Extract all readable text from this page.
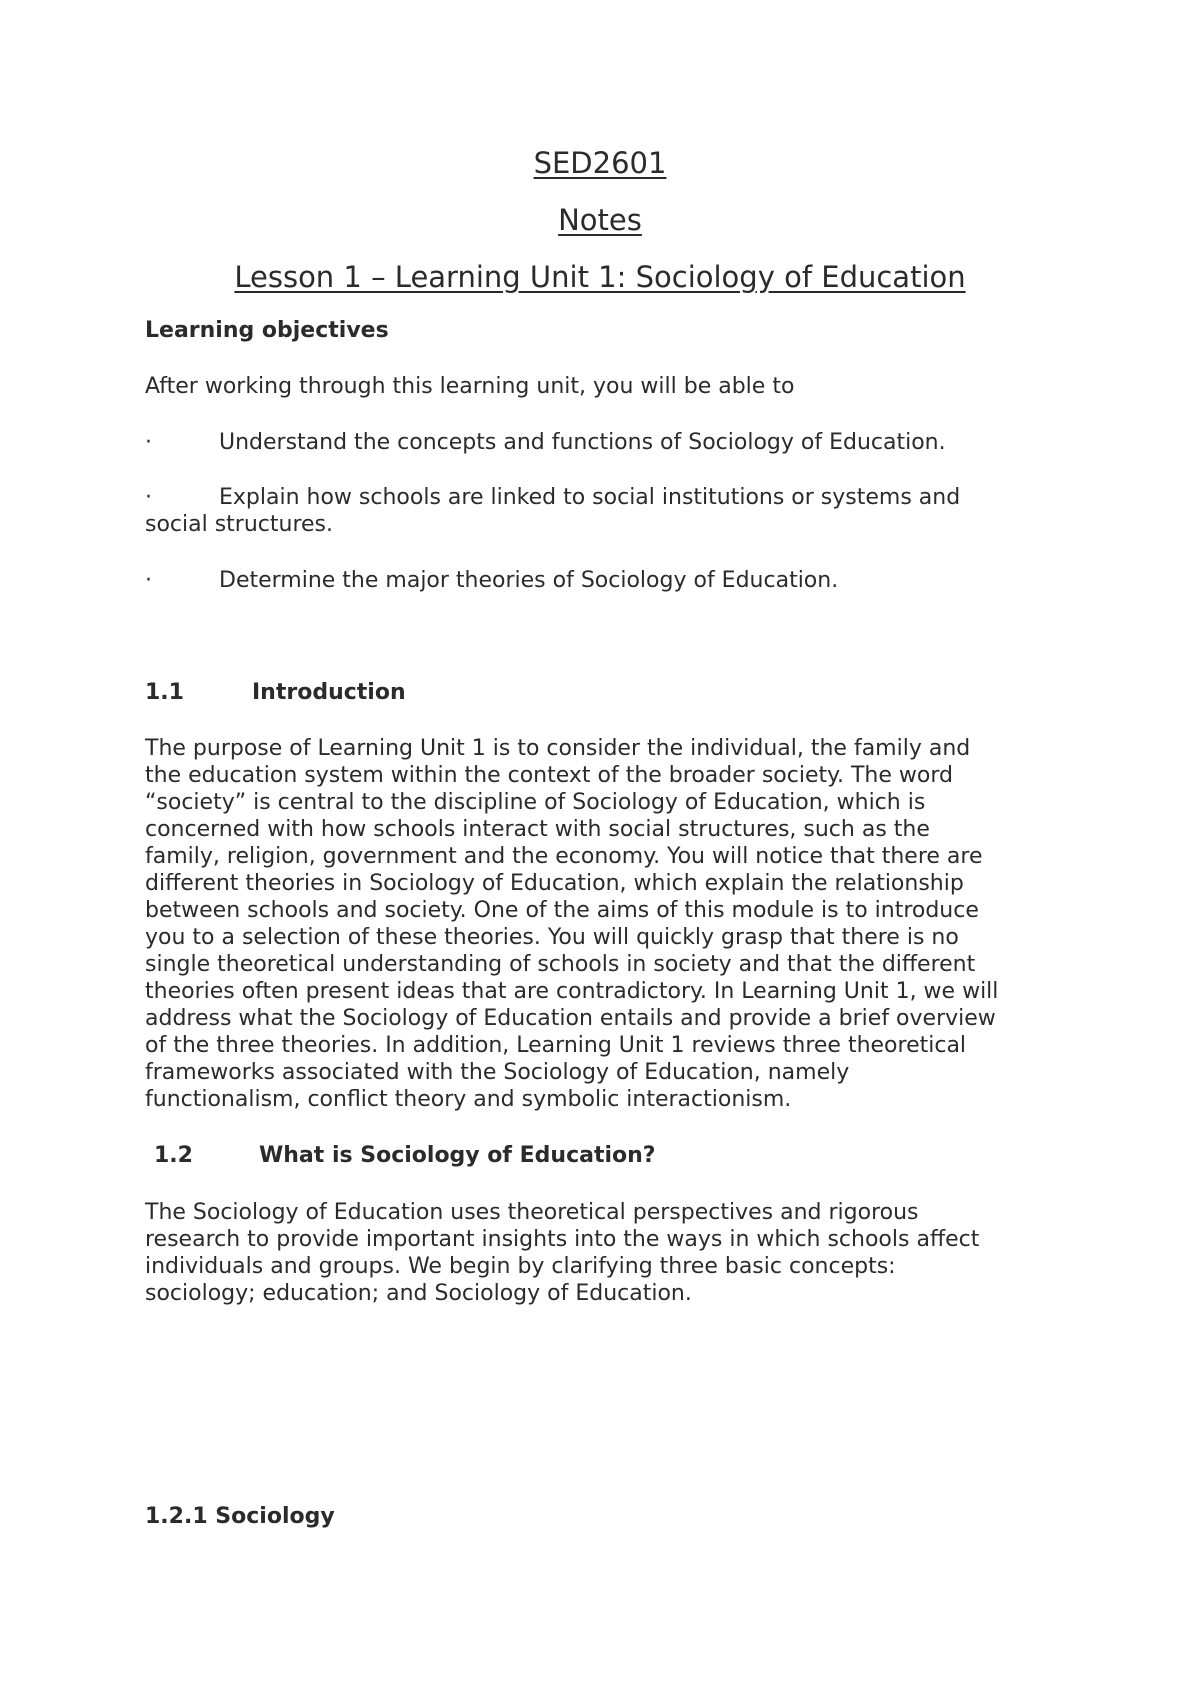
SED2601
Notes
Lesson 1 – Learning Unit 1: Sociology of Education
Learning objectives
After working through this learning unit, you will be able to
·	Understand the concepts and functions of Sociology of Education.
·	Explain how schools are linked to social institutions or systems and
social structures.
·	Determine the major theories of Sociology of Education.
1.1	Introduction
The purpose of Learning Unit 1 is to consider the individual, the family and
the education system within the context of the broader society. The word
“society” is central to the discipline of Sociology of Education, which is
concerned with how schools interact with social structures, such as the
family, religion, government and the economy. You will notice that there are
different theories in Sociology of Education, which explain the relationship
between schools and society. One of the aims of this module is to introduce
you to a selection of these theories. You will quickly grasp that there is no
single theoretical understanding of schools in society and that the different
theories often present ideas that are contradictory. In Learning Unit 1, we will
address what the Sociology of Education entails and provide a brief overview
of the three theories. In addition, Learning Unit 1 reviews three theoretical
frameworks associated with the Sociology of Education, namely
functionalism, conflict theory and symbolic interactionism.
1.2	What is Sociology of Education?
The Sociology of Education uses theoretical perspectives and rigorous
research to provide important insights into the ways in which schools affect
individuals and groups. We begin by clarifying three basic concepts:
sociology; education; and Sociology of Education.
1.2.1 Sociology
